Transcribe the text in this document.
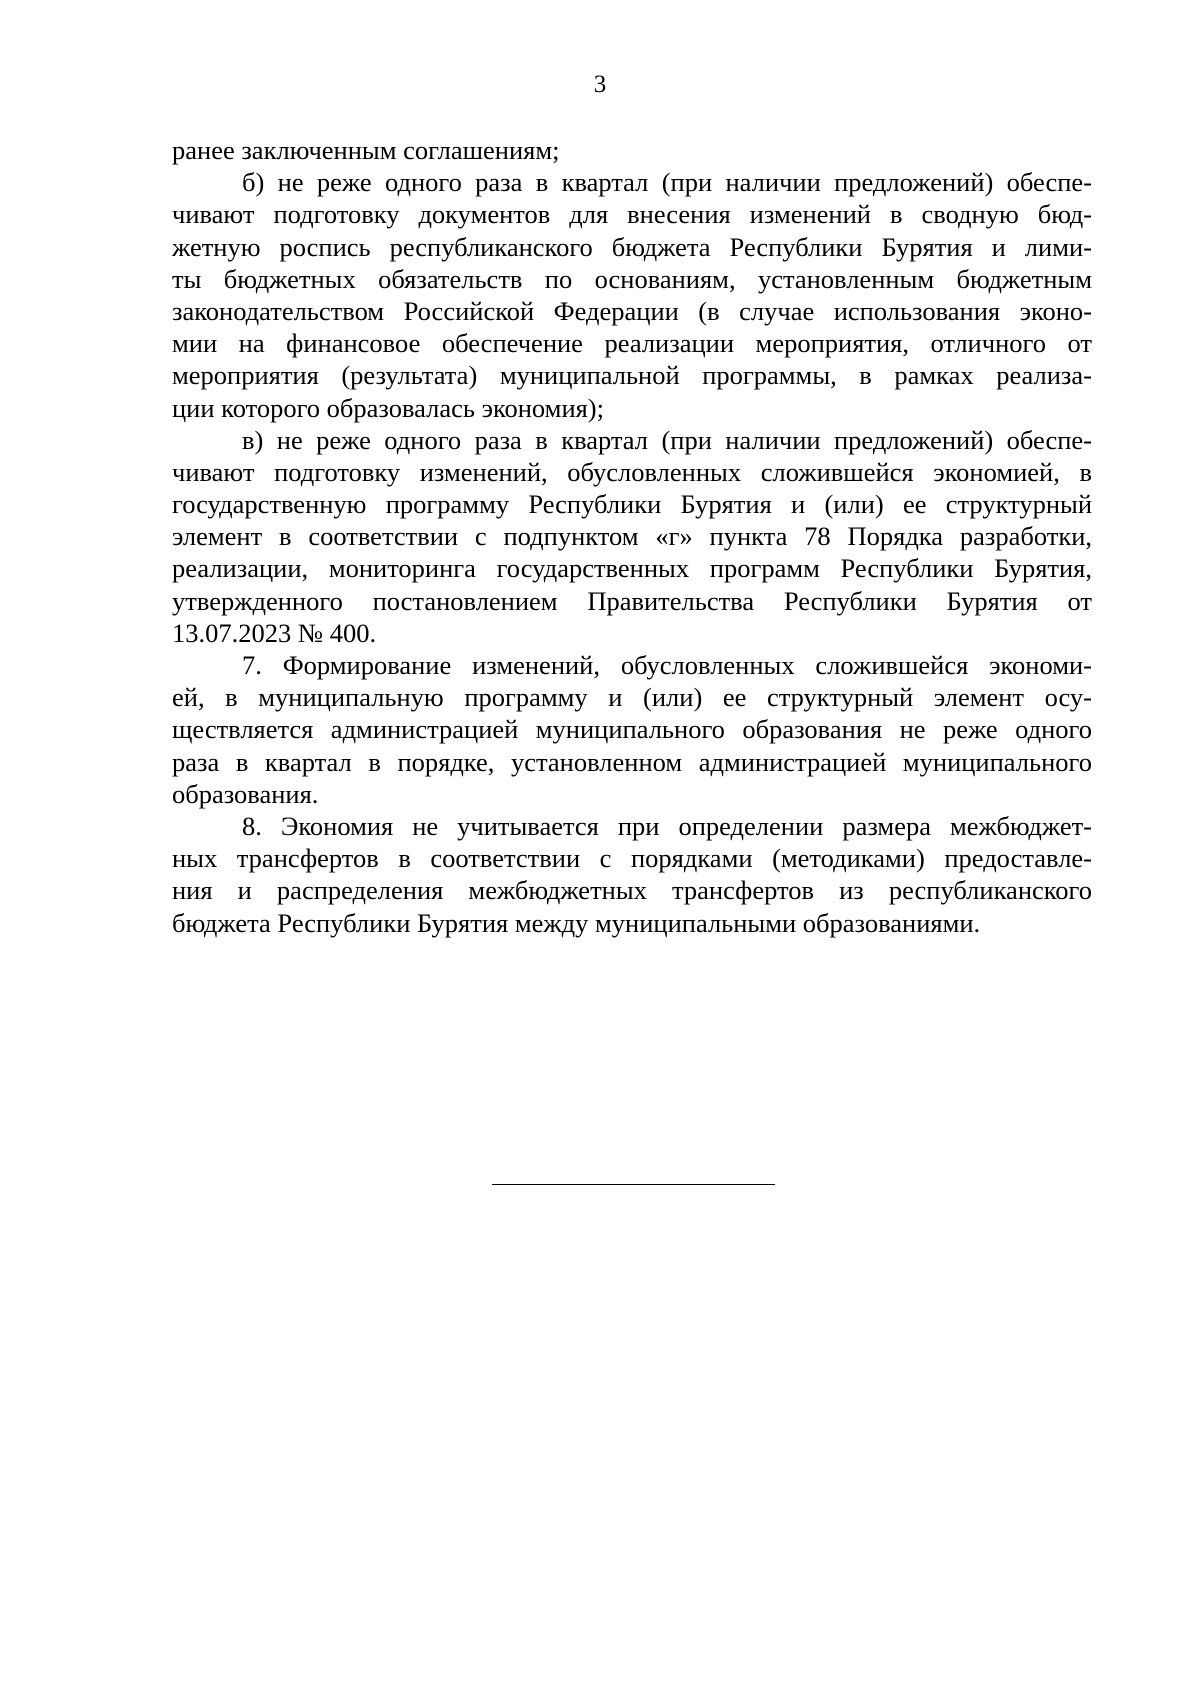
3
ранее заключенным соглашениям;
б) не реже одного раза в квартал (при наличии предложений) обеспе-
чивают подготовку документов для внесения изменений в сводную бюд-
жетную роспись республиканского бюджета Республики Бурятия и лими-
ты бюджетных обязательств по основаниям, установленным бюджетным
законодательством Российской Федерации (в случае использования эконо-
мии на финансовое обеспечение реализации мероприятия, отличного от
мероприятия (результата) муниципальной программы, в рамках реализа-
ции которого образовалась экономия);
в) не реже одного раза в квартал (при наличии предложений) обеспе-
чивают подготовку изменений, обусловленных сложившейся экономией, в
государственную программу Республики Бурятия и (или) ее структурный
элемент в соответствии с подпунктом «г» пункта 78 Порядка разработки,
реализации, мониторинга государственных программ Республики Бурятия,
утвержденного постановлением Правительства Республики Бурятия от
13.07.2023 № 400.
7. Формирование изменений, обусловленных сложившейся экономи-
ей, в муниципальную программу и (или) ее структурный элемент осу-
ществляется администрацией муниципального образования не реже одного
раза в квартал в порядке, установленном администрацией муниципального
образования.
8. Экономия не учитывается при определении размера межбюджет-
ных трансфертов в соответствии с порядками (методиками) предоставле-
ния и распределения межбюджетных трансфертов из республиканского
бюджета Республики Бурятия между муниципальными образованиями.
